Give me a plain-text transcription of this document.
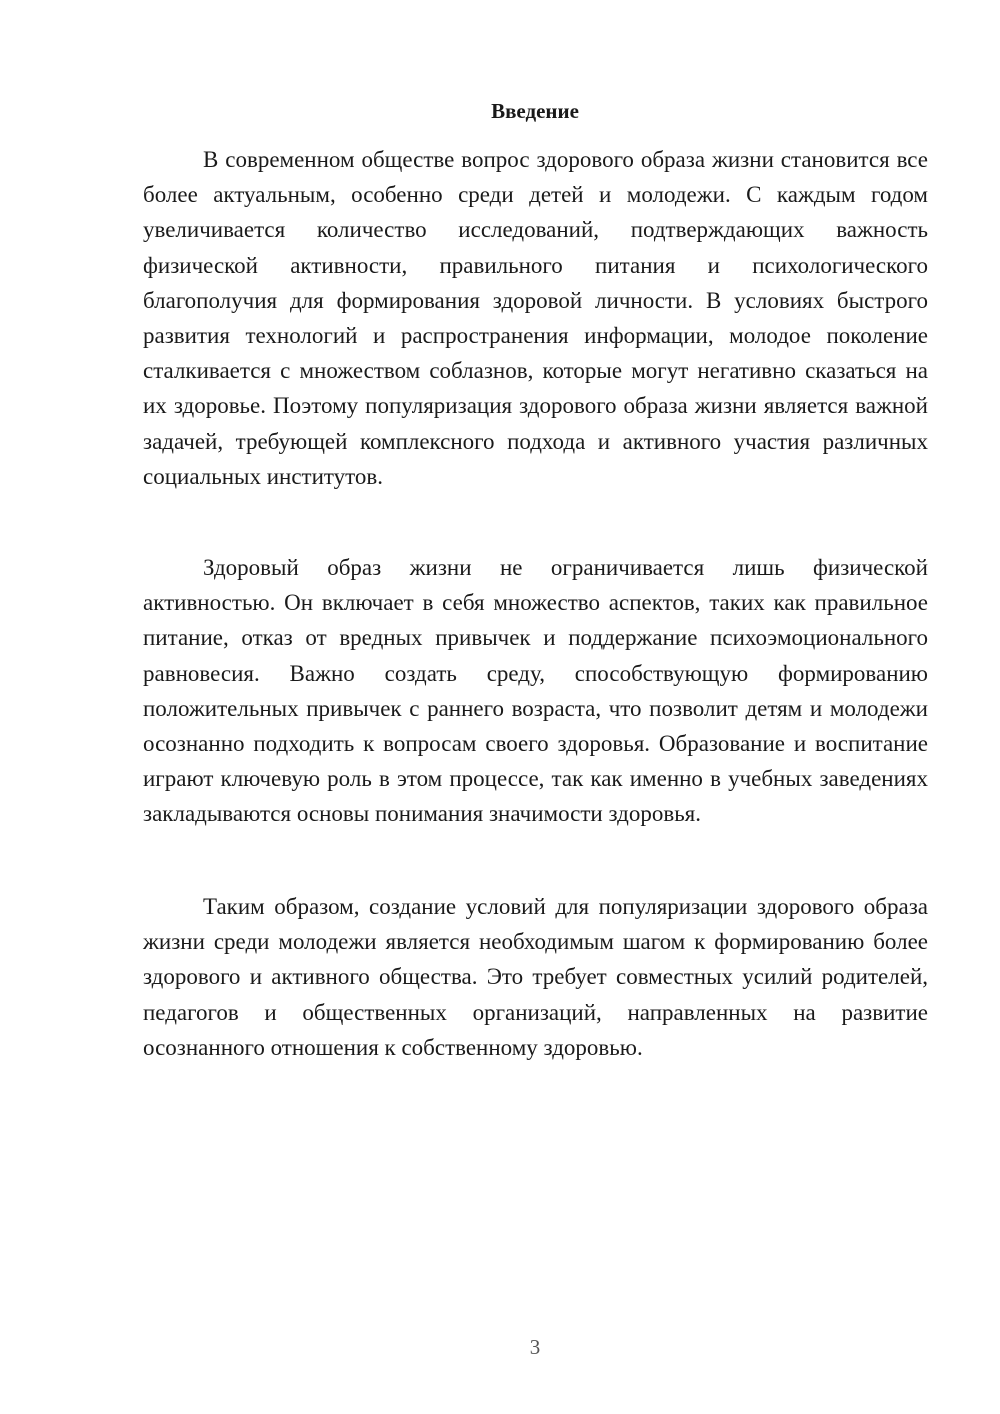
Введение

В современном обществе вопрос здорового образа жизни становится все более актуальным, особенно среди детей и молодежи. С каждым годом увеличивается количество исследований, подтверждающих важность физической активности, правильного питания и психологического благополучия для формирования здоровой личности. В условиях быстрого развития технологий и распространения информации, молодое поколение сталкивается с множеством соблазнов, которые могут негативно сказаться на их здоровье. Поэтому популяризация здорового образа жизни является важной задачей, требующей комплексного подхода и активного участия различных социальных институтов.

Здоровый образ жизни не ограничивается лишь физической активностью. Он включает в себя множество аспектов, таких как правильное питание, отказ от вредных привычек и поддержание психоэмоционального равновесия. Важно создать среду, способствующую формированию положительных привычек с раннего возраста, что позволит детям и молодежи осознанно подходить к вопросам своего здоровья. Образование и воспитание играют ключевую роль в этом процессе, так как именно в учебных заведениях закладываются основы понимания значимости здоровья.

Таким образом, создание условий для популяризации здорового образа жизни среди молодежи является необходимым шагом к формированию более здорового и активного общества. Это требует совместных усилий родителей, педагогов и общественных организаций, направленных на развитие осознанного отношения к собственному здоровью.

3
